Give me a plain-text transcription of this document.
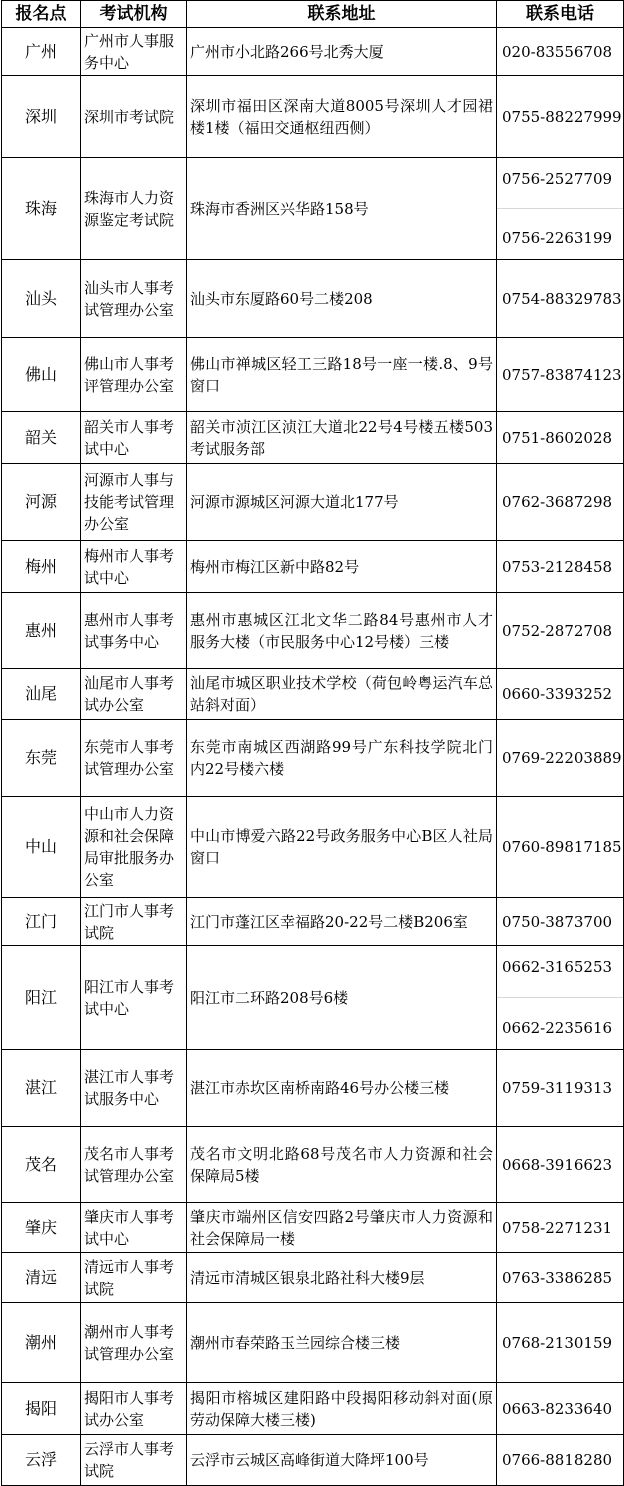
报名点	考试机构	联系地址	联系电话
广州	广州市人事服务中心	广州市小北路266号北秀大厦	020-83556708
深圳	深圳市考试院	深圳市福田区深南大道8005号深圳人才园裙楼1楼（福田交通枢纽西侧）	0755-88227999
珠海	珠海市人力资源鉴定考试院	珠海市香洲区兴华路158号	0756-2527709
0756-2263199

汕头	汕头市人事考试管理办公室	汕头市东厦路60号二楼208	0754-88329783
佛山	佛山市人事考评管理办公室	佛山市禅城区轻工三路18号一座一楼.8、9号窗口	0757-83874123
韶关	韶关市人事考试中心	韶关市浈江区浈江大道北22号4号楼五楼503考试服务部	0751-8602028
河源	河源市人事与技能考试管理办公室	河源市源城区河源大道北177号	0762-3687298
梅州	梅州市人事考试中心	梅州市梅江区新中路82号	0753-2128458
惠州	惠州市人事考试事务中心	惠州市惠城区江北文华二路84号惠州市人才服务大楼（市民服务中心12号楼）三楼	0752-2872708
汕尾	汕尾市人事考试办公室	汕尾市城区职业技术学校（荷包岭粤运汽车总站斜对面）	0660-3393252
东莞	东莞市人事考试管理办公室	东莞市南城区西湖路99号广东科技学院北门内22号楼六楼	0769-22203889
中山	中山市人力资源和社会保障局审批服务办公室	中山市博爱六路22号政务服务中心B区人社局窗口	0760-89817185
江门	江门市人事考试院	江门市蓬江区幸福路20-22号二楼B206室	0750-3873700
阳江	阳江市人事考试中心	阳江市二环路208号6楼	0662-3165253
0662-2235616

湛江	湛江市人事考试服务中心	湛江市赤坎区南桥南路46号办公楼三楼	0759-3119313
茂名	茂名市人事考试管理办公室	茂名市文明北路68号茂名市人力资源和社会保障局5楼	0668-3916623
肇庆	肇庆市人事考试中心	肇庆市端州区信安四路2号肇庆市人力资源和社会保障局一楼	0758-2271231
清远	清远市人事考试院	清远市清城区银泉北路社科大楼9层	0763-3386285
潮州	潮州市人事考试管理办公室	潮州市春荣路玉兰园综合楼三楼	0768-2130159
揭阳	揭阳市人事考试办公室	揭阳市榕城区建阳路中段揭阳移动斜对面(原劳动保障大楼三楼)	0663-8233640
云浮	云浮市人事考试院	云浮市云城区高峰街道大降坪100号	0766-8818280
